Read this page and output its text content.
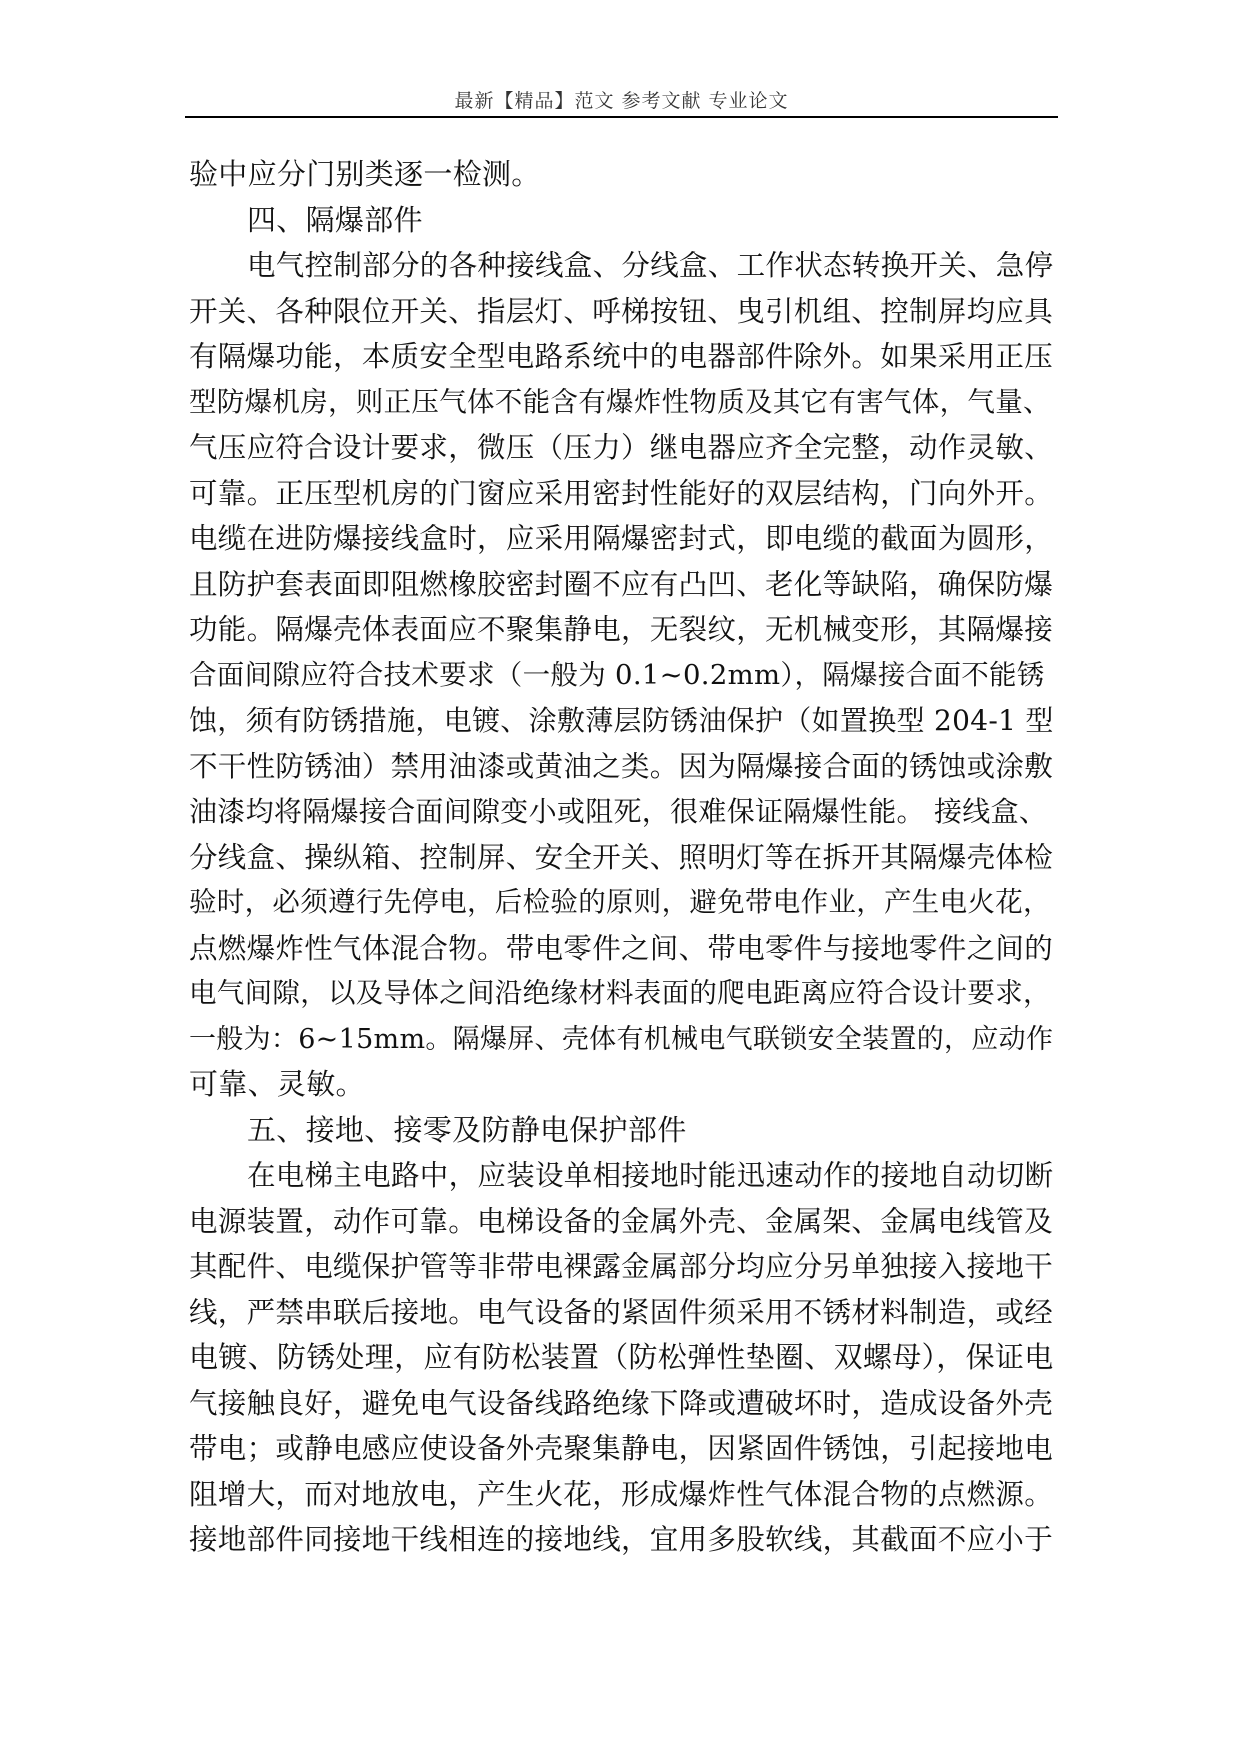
最新【精品】范文 参考文献 专业论文
验中应分门别类逐一检测。
四、隔爆部件
电气控制部分的各种接线盒、分线盒、工作状态转换开关、急停
开关、各种限位开关、指层灯、呼梯按钮、曳引机组、控制屏均应具
有隔爆功能，本质安全型电路系统中的电器部件除外。如果采用正压
型防爆机房，则正压气体不能含有爆炸性物质及其它有害气体，气量、
气压应符合设计要求，微压（压力）继电器应齐全完整，动作灵敏、
可靠。正压型机房的门窗应采用密封性能好的双层结构，门向外开。
电缆在进防爆接线盒时，应采用隔爆密封式，即电缆的截面为圆形，
且防护套表面即阻燃橡胶密封圈不应有凸凹、老化等缺陷，确保防爆
功能。隔爆壳体表面应不聚集静电，无裂纹，无机械变形，其隔爆接
合面间隙应符合技术要求（一般为 0.1~0.2mm），隔爆接合面不能锈
蚀，须有防锈措施，电镀、涂敷薄层防锈油保护（如置换型 204-1 型
不干性防锈油）禁用油漆或黄油之类。因为隔爆接合面的锈蚀或涂敷
油漆均将隔爆接合面间隙变小或阻死，很难保证隔爆性能。 接线盒、
分线盒、操纵箱、控制屏、安全开关、照明灯等在拆开其隔爆壳体检
验时，必须遵行先停电，后检验的原则，避免带电作业，产生电火花，
点燃爆炸性气体混合物。带电零件之间、带电零件与接地零件之间的
电气间隙，以及导体之间沿绝缘材料表面的爬电距离应符合设计要求，
一般为：6~15mm。隔爆屏、壳体有机械电气联锁安全装置的，应动作
可靠、灵敏。
五、接地、接零及防静电保护部件
在电梯主电路中，应装设单相接地时能迅速动作的接地自动切断
电源装置，动作可靠。电梯设备的金属外壳、金属架、金属电线管及
其配件、电缆保护管等非带电裸露金属部分均应分另单独接入接地干
线，严禁串联后接地。电气设备的紧固件须采用不锈材料制造，或经
电镀、防锈处理，应有防松装置（防松弹性垫圈、双螺母），保证电
气接触良好，避免电气设备线路绝缘下降或遭破坏时，造成设备外壳
带电；或静电感应使设备外壳聚集静电，因紧固件锈蚀，引起接地电
阻增大，而对地放电，产生火花，形成爆炸性气体混合物的点燃源。
接地部件同接地干线相连的接地线，宜用多股软线，其截面不应小于
